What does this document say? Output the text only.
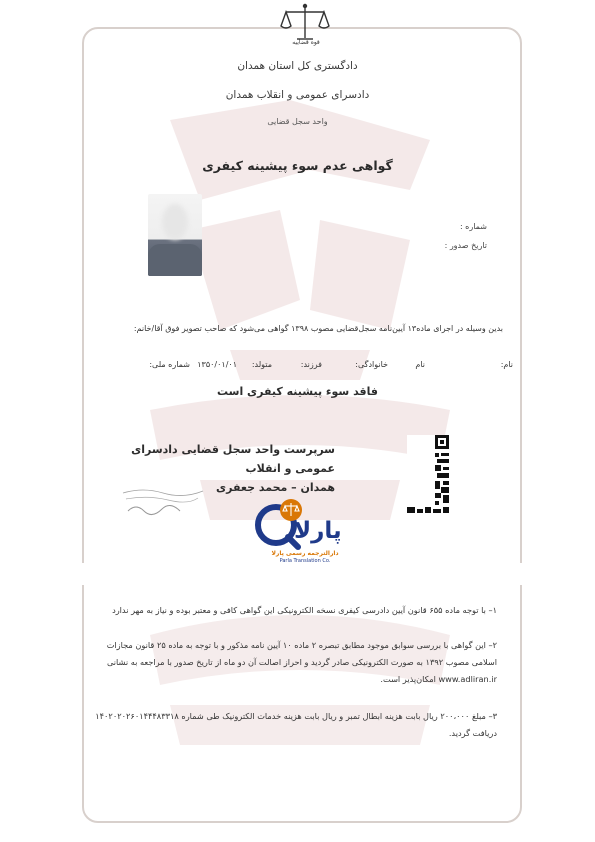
قوه قضاییه
دادگستری کل استان همدان
دادسرای عمومی و انقلاب همدان
واحد سجل قضایی
گواهی عدم سوء پیشینه کیفری
شماره :
تاریخ صدور :
بدین وسیله در اجرای ماده۱۳ آیین‌نامه سجل‌قضایی مصوب ۱۳۹۸ گواهی می‌شود که صاحب تصویر فوق آقا/خانم:
نام:
نام
خانوادگی:
فرزند:
متولد:
۱۳۵۰/۰۱/۰۱
شماره ملی:
فاقد سوء پیشینه کیفری است
سرپرست واحد سجل قضایی دادسرای عمومی و انقلاب
همدان – محمد جعفری
پارلا
دارالترجمه رسمی پارلا
Parla Translation Co.
۱– با توجه ماده ۶۵۵ قانون آیین دادرسی کیفری نسخه الکترونیکی این گواهی کافی و معتبر بوده و نیاز به مهر ندارد
۲– این گواهی با بررسی سوابق موجود مطابق تبصره ۲ ماده ۱۰ آیین نامه مذکور و با توجه به ماده ۲۵ قانون مجازات اسلامی مصوب ۱۳۹۲ به صورت الکترونیکی صادر گردید و احراز اصالت آن دو ماه از تاریخ صدور با مراجعه به نشانی www.adliran.ir امکان‌پذیر است.
۳– مبلغ ۲۰۰،۰۰۰ ریال بابت هزینه ابطال تمبر و ریال بابت هزینه خدمات الکترونیک طی شماره ۱۴۰۲۰۲۰۲۶۰۱۴۴۴۸۳۳۱۸ دریافت گردید.
